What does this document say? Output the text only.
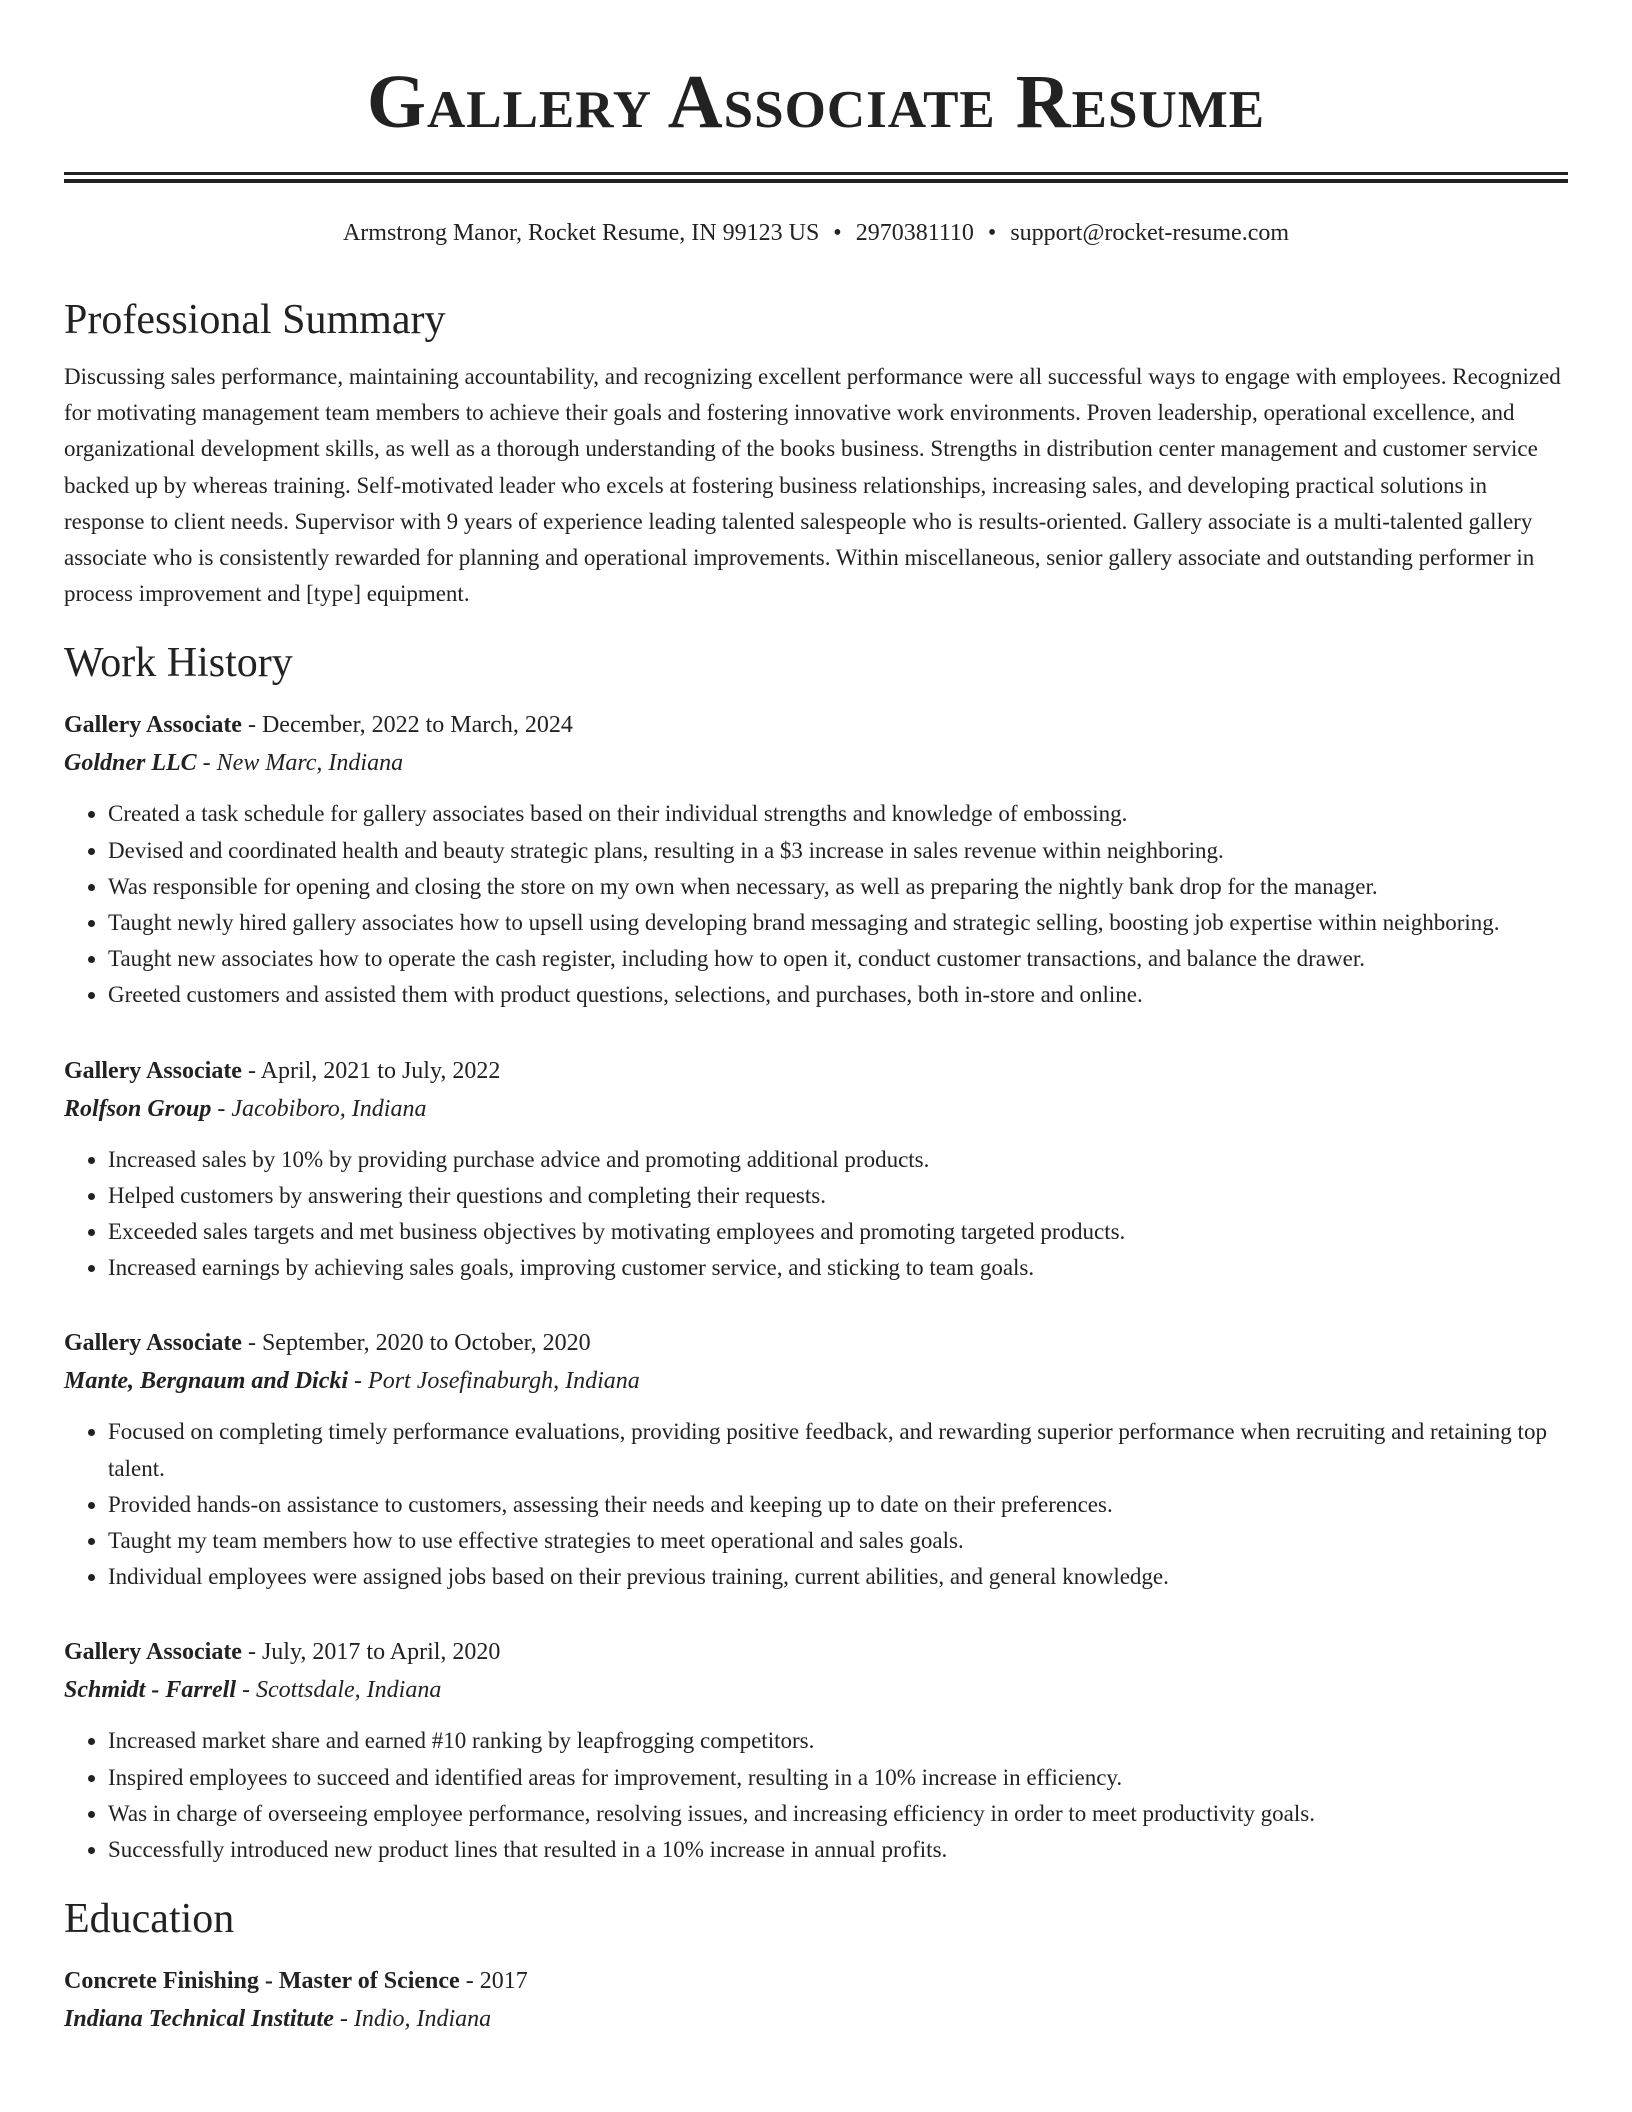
Gallery Associate Resume
Armstrong Manor, Rocket Resume, IN 99123 US • 2970381110 • support@rocket-resume.com
Professional Summary
Discussing sales performance, maintaining accountability, and recognizing excellent performance were all successful ways to engage with employees. Recognized for motivating management team members to achieve their goals and fostering innovative work environments. Proven leadership, operational excellence, and organizational development skills, as well as a thorough understanding of the books business. Strengths in distribution center management and customer service backed up by whereas training. Self-motivated leader who excels at fostering business relationships, increasing sales, and developing practical solutions in response to client needs. Supervisor with 9 years of experience leading talented salespeople who is results-oriented. Gallery associate is a multi-talented gallery associate who is consistently rewarded for planning and operational improvements. Within miscellaneous, senior gallery associate and outstanding performer in process improvement and [type] equipment.
Work History
Gallery Associate - December, 2022 to March, 2024
Goldner LLC - New Marc, Indiana
• Created a task schedule for gallery associates based on their individual strengths and knowledge of embossing.
• Devised and coordinated health and beauty strategic plans, resulting in a $3 increase in sales revenue within neighboring.
• Was responsible for opening and closing the store on my own when necessary, as well as preparing the nightly bank drop for the manager.
• Taught newly hired gallery associates how to upsell using developing brand messaging and strategic selling, boosting job expertise within neighboring.
• Taught new associates how to operate the cash register, including how to open it, conduct customer transactions, and balance the drawer.
• Greeted customers and assisted them with product questions, selections, and purchases, both in-store and online.
Gallery Associate - April, 2021 to July, 2022
Rolfson Group - Jacobiboro, Indiana
• Increased sales by 10% by providing purchase advice and promoting additional products.
• Helped customers by answering their questions and completing their requests.
• Exceeded sales targets and met business objectives by motivating employees and promoting targeted products.
• Increased earnings by achieving sales goals, improving customer service, and sticking to team goals.
Gallery Associate - September, 2020 to October, 2020
Mante, Bergnaum and Dicki - Port Josefinaburgh, Indiana
• Focused on completing timely performance evaluations, providing positive feedback, and rewarding superior performance when recruiting and retaining top talent.
• Provided hands-on assistance to customers, assessing their needs and keeping up to date on their preferences.
• Taught my team members how to use effective strategies to meet operational and sales goals.
• Individual employees were assigned jobs based on their previous training, current abilities, and general knowledge.
Gallery Associate - July, 2017 to April, 2020
Schmidt - Farrell - Scottsdale, Indiana
• Increased market share and earned #10 ranking by leapfrogging competitors.
• Inspired employees to succeed and identified areas for improvement, resulting in a 10% increase in efficiency.
• Was in charge of overseeing employee performance, resolving issues, and increasing efficiency in order to meet productivity goals.
• Successfully introduced new product lines that resulted in a 10% increase in annual profits.
Education
Concrete Finishing - Master of Science - 2017
Indiana Technical Institute - Indio, Indiana
